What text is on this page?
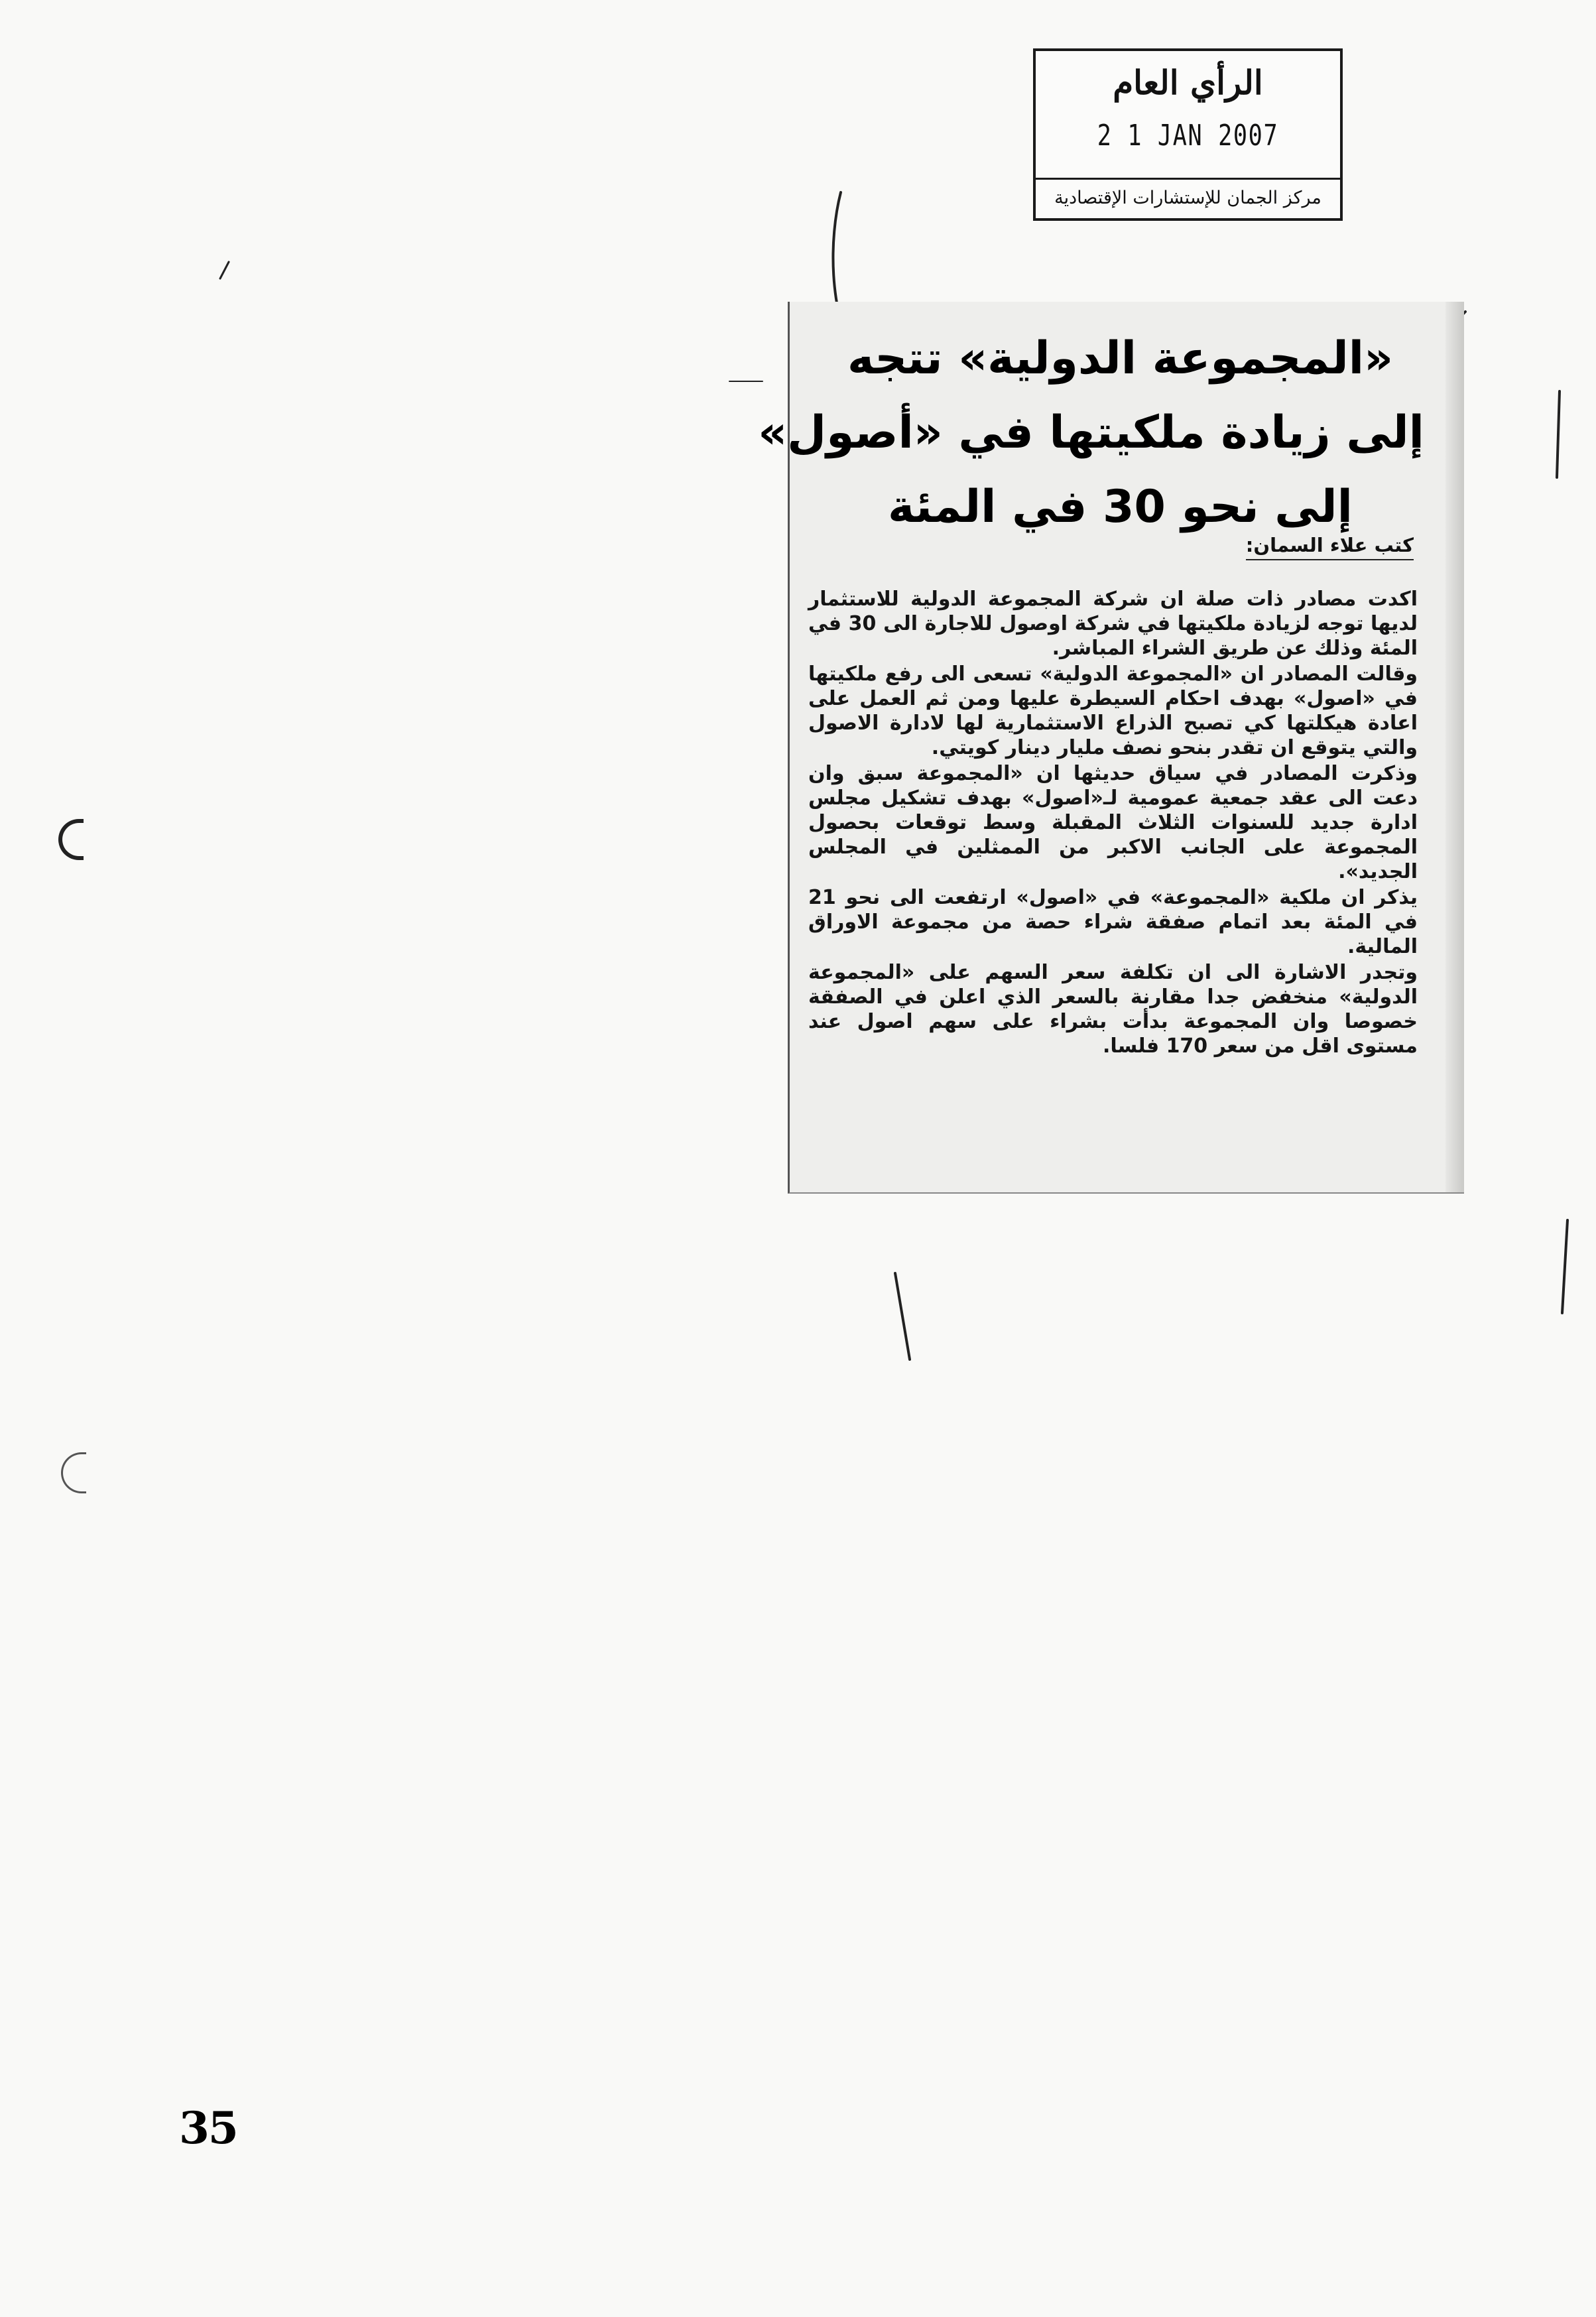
الرأي العام
2 1 JAN 2007
مركز الجمان للإستشارات الإقتصادية
«المجموعة الدولية» تتجه
إلى زيادة ملكيتها في «أصول»
إلى نحو 30 في المئة
كتب علاء السمان:

اكدت مصادر ذات صلة ان شركة المجموعة الدولية للاستثمار لديها توجه لزيادة ملكيتها في شركة اوصول للاجارة الى 30 في المئة وذلك عن طريق الشراء المباشر.

وقالت المصادر ان «المجموعة الدولية» تسعى الى رفع ملكيتها في «اصول» بهدف احكام السيطرة عليها ومن ثم العمل على اعادة هيكلتها كي تصبح الذراع الاستثمارية لها لادارة الاصول والتي يتوقع ان تقدر بنحو نصف مليار دينار كويتي.

وذكرت المصادر في سياق حديثها ان «المجموعة سبق وان دعت الى عقد جمعية عمومية لـ«اصول» بهدف تشكيل مجلس ادارة جديد للسنوات الثلاث المقبلة وسط توقعات بحصول المجموعة على الجانب الاكبر من الممثلين في المجلس الجديد».

يذكر ان ملكية «المجموعة» في «اصول» ارتفعت الى نحو 21 في المئة بعد اتمام صفقة شراء حصة من مجموعة الاوراق المالية.

وتجدر الاشارة الى ان تكلفة سعر السهم على «المجموعة الدولية» منخفض جدا مقارنة بالسعر الذي اعلن في الصفقة خصوصا وان المجموعة بدأت بشراء على سهم اصول عند مستوى اقل من سعر 170 فلسا.

35
